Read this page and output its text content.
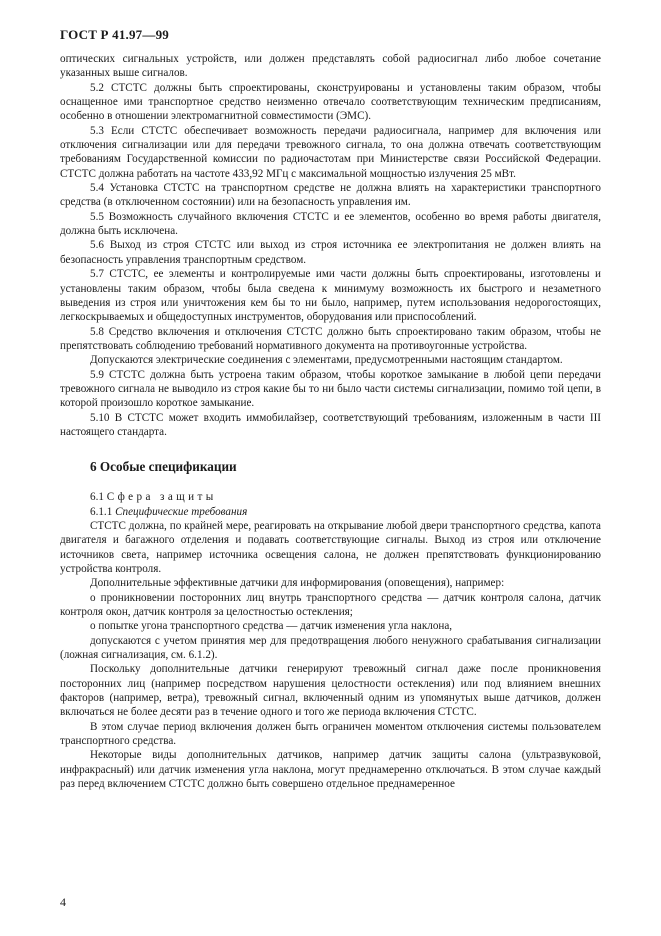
ГОСТ Р 41.97—99

оптических сигнальных устройств, или должен представлять собой радиосигнал либо любое сочетание указанных выше сигналов.

5.2 СТСТС должны быть спроектированы, сконструированы и установлены таким образом, чтобы оснащенное ими транспортное средство неизменно отвечало соответствующим техническим предписаниям, особенно в отношении электромагнитной совместимости (ЭМС).

5.3 Если СТСТС обеспечивает возможность передачи радиосигнала, например для включения или отключения сигнализации или для передачи тревожного сигнала, то она должна отвечать соответствующим требованиям Государственной комиссии по радиочастотам при Министерстве связи Российской Федерации. СТСТС должна работать на частоте 433,92 МГц с максимальной мощностью излучения 25 мВт.

5.4 Установка СТСТС на транспортном средстве не должна влиять на характеристики транспортного средства (в отключенном состоянии) или на безопасность управления им.

5.5 Возможность случайного включения СТСТС и ее элементов, особенно во время работы двигателя, должна быть исключена.

5.6 Выход из строя СТСТС или выход из строя источника ее электропитания не должен влиять на безопасность управления транспортным средством.

5.7 СТСТС, ее элементы и контролируемые ими части должны быть спроектированы, изготовлены и установлены таким образом, чтобы была сведена к минимуму возможность их быстрого и незаметного выведения из строя или уничтожения кем бы то ни было, например, путем использования недорогостоящих, легкоскрываемых и общедоступных инструментов, оборудования или приспособлений.

5.8 Средство включения и отключения СТСТС должно быть спроектировано таким образом, чтобы не препятствовать соблюдению требований нормативного документа на противоугонные устройства.

Допускаются электрические соединения с элементами, предусмотренными настоящим стандартом.

5.9 СТСТС должна быть устроена таким образом, чтобы короткое замыкание в любой цепи передачи тревожного сигнала не выводило из строя какие бы то ни было части системы сигнализации, помимо той цепи, в которой произошло короткое замыкание.

5.10 В СТСТС может входить иммобилайзер, соответствующий требованиям, изложенным в части III настоящего стандарта.

6 Особые спецификации

6.1 Сфера защиты

6.1.1 Специфические требования

СТСТС должна, по крайней мере, реагировать на открывание любой двери транспортного средства, капота двигателя и багажного отделения и подавать соответствующие сигналы. Выход из строя или отключение источников света, например источника освещения салона, не должен препятствовать функционированию устройства контроля.

Дополнительные эффективные датчики для информирования (оповещения), например:

о проникновении посторонних лиц внутрь транспортного средства — датчик контроля салона, датчик контроля окон, датчик контроля за целостностью остекления;

о попытке угона транспортного средства — датчик изменения угла наклона,

допускаются с учетом принятия мер для предотвращения любого ненужного срабатывания сигнализации (ложная сигнализация, см. 6.1.2).

Поскольку дополнительные датчики генерируют тревожный сигнал даже после проникновения посторонних лиц (например посредством нарушения целостности остекления) или под влиянием внешних факторов (например, ветра), тревожный сигнал, включенный одним из упомянутых выше датчиков, должен включаться не более десяти раз в течение одного и того же периода включения СТСТС.

В этом случае период включения должен быть ограничен моментом отключения системы пользователем транспортного средства.

Некоторые виды дополнительных датчиков, например датчик защиты салона (ультразвуковой, инфракрасный) или датчик изменения угла наклона, могут преднамеренно отключаться. В этом случае каждый раз перед включением СТСТС должно быть совершено отдельное преднамеренное

4
